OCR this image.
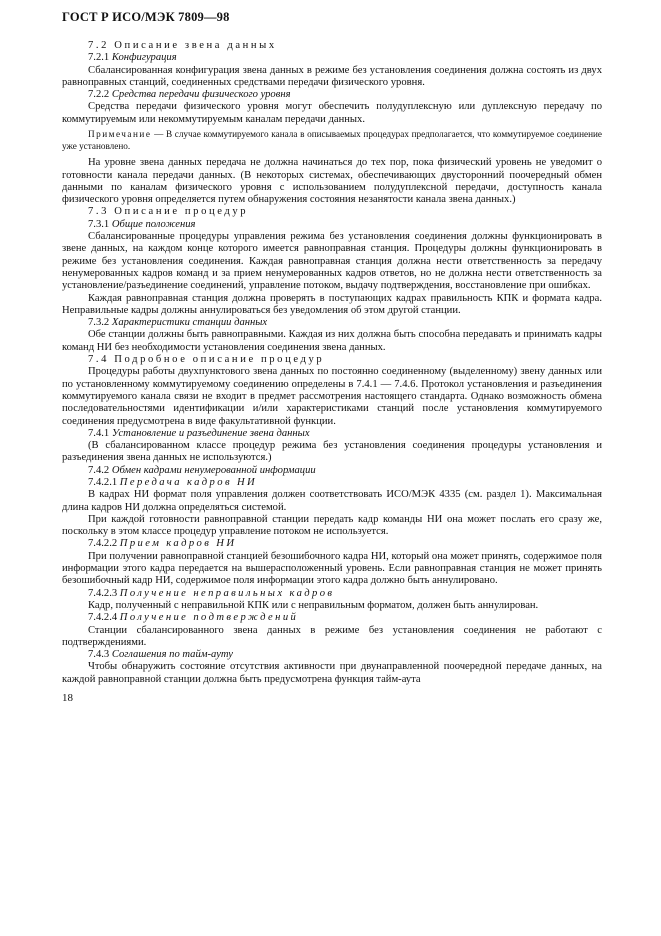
ГОСТ Р ИСО/МЭК 7809—98

7.2 Описание звена данных

7.2.1 Конфигурация

Сбалансированная конфигурация звена данных в режиме без установления соединения должна состоять из двух равноправных станций, соединенных средствами передачи физического уровня.

7.2.2 Средства передачи физического уровня

Средства передачи физического уровня могут обеспечить полудуплексную или дуплексную передачу по коммутируемым или некоммутируемым каналам передачи данных.

Примечание — В случае коммутируемого канала в описываемых процедурах предполагается, что коммутируемое соединение уже установлено.

На уровне звена данных передача не должна начинаться до тех пор, пока физический уровень не уведомит о готовности канала передачи данных. (В некоторых системах, обеспечивающих двусторонний поочередный обмен данными по каналам физического уровня с использованием полудуплексной передачи, доступность канала физического уровня определяется путем обнаружения состояния незанятости канала звена данных.)

7.3 Описание процедур

7.3.1 Общие положения

Сбалансированные процедуры управления режима без установления соединения должны функционировать в звене данных, на каждом конце которого имеется равноправная станция. Процедуры должны функционировать в режиме без установления соединения. Каждая равноправная станция должна нести ответственность за передачу ненумерованных кадров команд и за прием ненумерованных кадров ответов, но не должна нести ответственность за установление/разъединение соединений, управление потоком, выдачу подтверждения, восстановление при ошибках.

Каждая равноправная станция должна проверять в поступающих кадрах правильность КПК и формата кадра. Неправильные кадры должны аннулироваться без уведомления об этом другой станции.

7.3.2 Характеристики станции данных

Обе станции должны быть равноправными. Каждая из них должна быть способна передавать и принимать кадры команд НИ без необходимости установления соединения звена данных.

7.4 Подробное описание процедур

Процедуры работы двухпунктового звена данных по постоянно соединенному (выделенному) звену данных или по установленному коммутируемому соединению определены в 7.4.1 — 7.4.6. Протокол установления и разъединения коммутируемого канала связи не входит в предмет рассмотрения настоящего стандарта. Однако возможность обмена последовательностями идентификации и/или характеристиками станций после установления коммутируемого соединения предусмотрена в виде факультативной функции.

7.4.1 Установление и разъединение звена данных

(В сбалансированном классе процедур режима без установления соединения процедуры установления и разъединения звена данных не используются.)

7.4.2 Обмен кадрами ненумерованной информации

7.4.2.1 Передача кадров НИ

В кадрах НИ формат поля управления должен соответствовать ИСО/МЭК 4335 (см. раздел 1). Максимальная длина кадров НИ должна определяться системой.

При каждой готовности равноправной станции передать кадр команды НИ она может послать его сразу же, поскольку в этом классе процедур управление потоком не используется.

7.4.2.2 Прием кадров НИ

При получении равноправной станцией безошибочного кадра НИ, который она может принять, содержимое поля информации этого кадра передается на вышерасположенный уровень. Если равноправная станция не может принять безошибочный кадр НИ, содержимое поля информации этого кадра должно быть аннулировано.

7.4.2.3 Получение неправильных кадров

Кадр, полученный с неправильной КПК или с неправильным форматом, должен быть аннулирован.

7.4.2.4 Получение подтверждений

Станции сбалансированного звена данных в режиме без установления соединения не работают с подтверждениями.

7.4.3 Соглашения по тайм-ауту

Чтобы обнаружить состояние отсутствия активности при двунаправленной поочередной передаче данных, на каждой равноправной станции должна быть предусмотрена функция тайм-аута

18
